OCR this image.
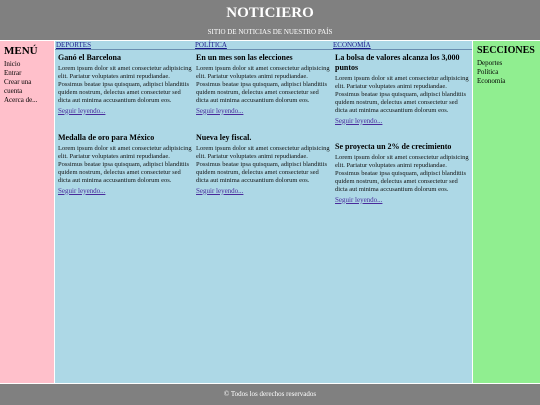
NOTICIERO
SITIO DE NOTICIAS DE NUESTRO PAÍS
MENÚ
Inicio
Entrar
Crear una cuenta
Acerca de...
DEPORTES	POLÍTICA	ECONOMÍA
Ganó el Barcelona

Lorem ipsum dolor sit amet consectetur adipisicing elit. Pariatur voluptates animi repudiandae. Possimus beatae ipsa quisquam, adipisci blanditiis quidem nostrum, delectus amet consectetur sed dicta aut minima accusantium dolorum eos.

Seguir leyendo...
En un mes son las elecciones

Lorem ipsum dolor sit amet consectetur adipisicing elit. Pariatur voluptates animi repudiandae. Possimus beatae ipsa quisquam, adipisci blanditiis quidem nostrum, delectus amet consectetur sed dicta aut minima accusantium dolorum eos.

Seguir leyendo...
La bolsa de valores alcanza los 3,000 puntos

Lorem ipsum dolor sit amet consectetur adipisicing elit. Pariatur voluptates animi repudiandae. Possimus beatae ipsa quisquam, adipisci blanditiis quidem nostrum, delectus amet consectetur sed dicta aut minima accusantium dolorum eos.

Seguir leyendo...
Medalla de oro para México

Lorem ipsum dolor sit amet consectetur adipisicing elit. Pariatur voluptates animi repudiandae. Possimus beatae ipsa quisquam, adipisci blanditiis quidem nostrum, delectus amet consectetur sed dicta aut minima accusantium dolorum eos.

Seguir leyendo...
Nueva ley fiscal.

Lorem ipsum dolor sit amet consectetur adipisicing elit. Pariatur voluptates animi repudiandae. Possimus beatae ipsa quisquam, adipisci blanditiis quidem nostrum, delectus amet consectetur sed dicta aut minima accusantium dolorum eos.

Seguir leyendo...
Se proyecta un 2% de crecimiento

Lorem ipsum dolor sit amet consectetur adipisicing elit. Pariatur voluptates animi repudiandae. Possimus beatae ipsa quisquam, adipisci blanditiis quidem nostrum, delectus amet consectetur sed dicta aut minima accusantium dolorum eos.

Seguir leyendo...
SECCIONES
Deportes
Política
Economía
© Todos los derechos reservados
